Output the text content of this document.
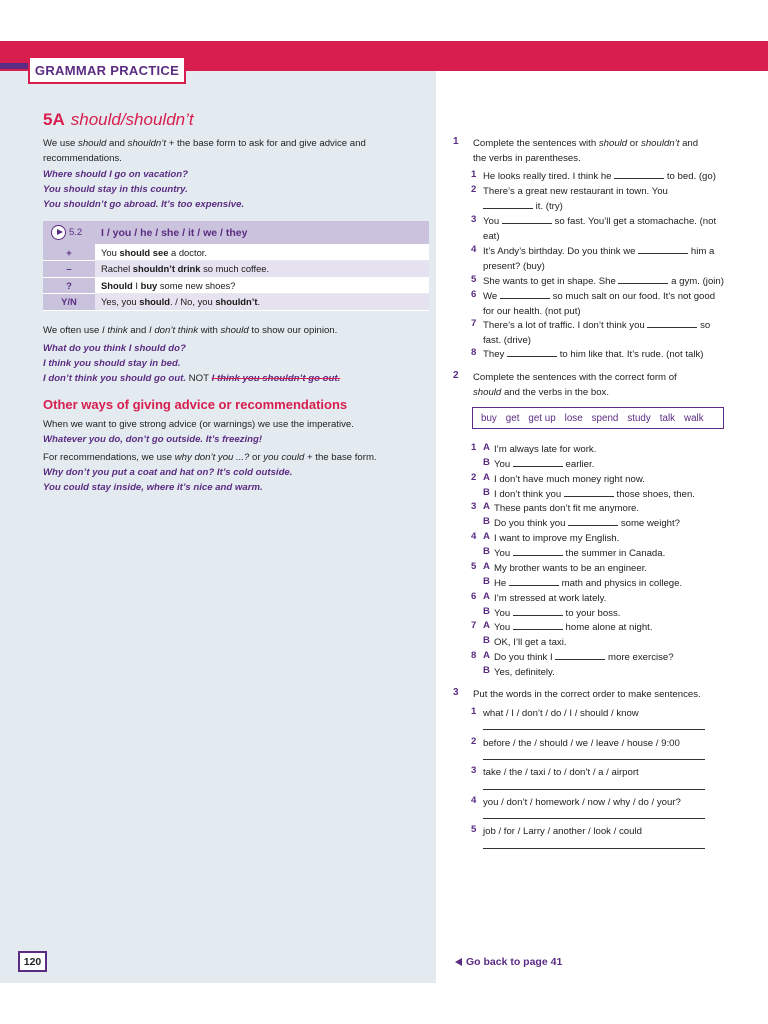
GRAMMAR PRACTICE
5A should/shouldn’t
We use should and shouldn’t + the base form to ask for and give advice and
recommendations.
Where should I go on vacation?
You should stay in this country.
You shouldn’t go abroad. It’s too expensive.
5.2	I / you / he / she / it / we / they
+	You should see a doctor.
–	Rachel shouldn’t drink so much coffee.
?	Should I buy some new shoes?
Y/N	Yes, you should. / No, you shouldn’t.
We often use I think and I don’t think with should to show our opinion.
What do you think I should do?
I think you should stay in bed.
I don’t think you should go out. NOT I think you shouldn’t go out.
Other ways of giving advice or recommendations
When we want to give strong advice (or warnings) we use the imperative.
Whatever you do, don’t go outside. It’s freezing!
For recommendations, we use why don’t you ...? or you could + the base form.
Why don’t you put a coat and hat on? It’s cold outside.
You could stay inside, where it’s nice and warm.
1 Complete the sentences with should or shouldn’t and
the verbs in parentheses.
1 He looks really tired. I think he	to bed. (go)
2 There’s a great new restaurant in town. You
it. (try)
3 You	so fast. You’ll get a stomachache. (not
eat)
4 It’s Andy’s birthday. Do you think we	him a
present? (buy)
5 She wants to get in shape. She	a gym. (join)
6 We	so much salt on our food. It’s not good
for our health. (not put)
7 There’s a lot of traffic. I don’t think you	so
fast. (drive)
8 They	to him like that. It’s rude. (not talk)
2 Complete the sentences with the correct form of
should and the verbs in the box.
buy get get up lose spend study talk walk
1 A I’m always late for work.
B You	earlier.
2 A I don’t have much money right now.
B I don’t think you	those shoes, then.
3 A These pants don’t fit me anymore.
B Do you think you	some weight?
4 A I want to improve my English.
B You	the summer in Canada.
5 A My brother wants to be an engineer.
B He	math and physics in college.
6 A I’m stressed at work lately.
B You	to your boss.
7 A You	home alone at night.
B OK, I’ll get a taxi.
8 A Do you think I	more exercise?
B Yes, definitely.
3 Put the words in the correct order to make sentences.
1 what / I / don’t / do / I / should / know
2 before / the / should / we / leave / house / 9:00
3 take / the / taxi / to / don’t / a / airport
4 you / don’t / homework / now / why / do / your?
5 job / for / Larry / another / look / could
120	Go back to page 41
